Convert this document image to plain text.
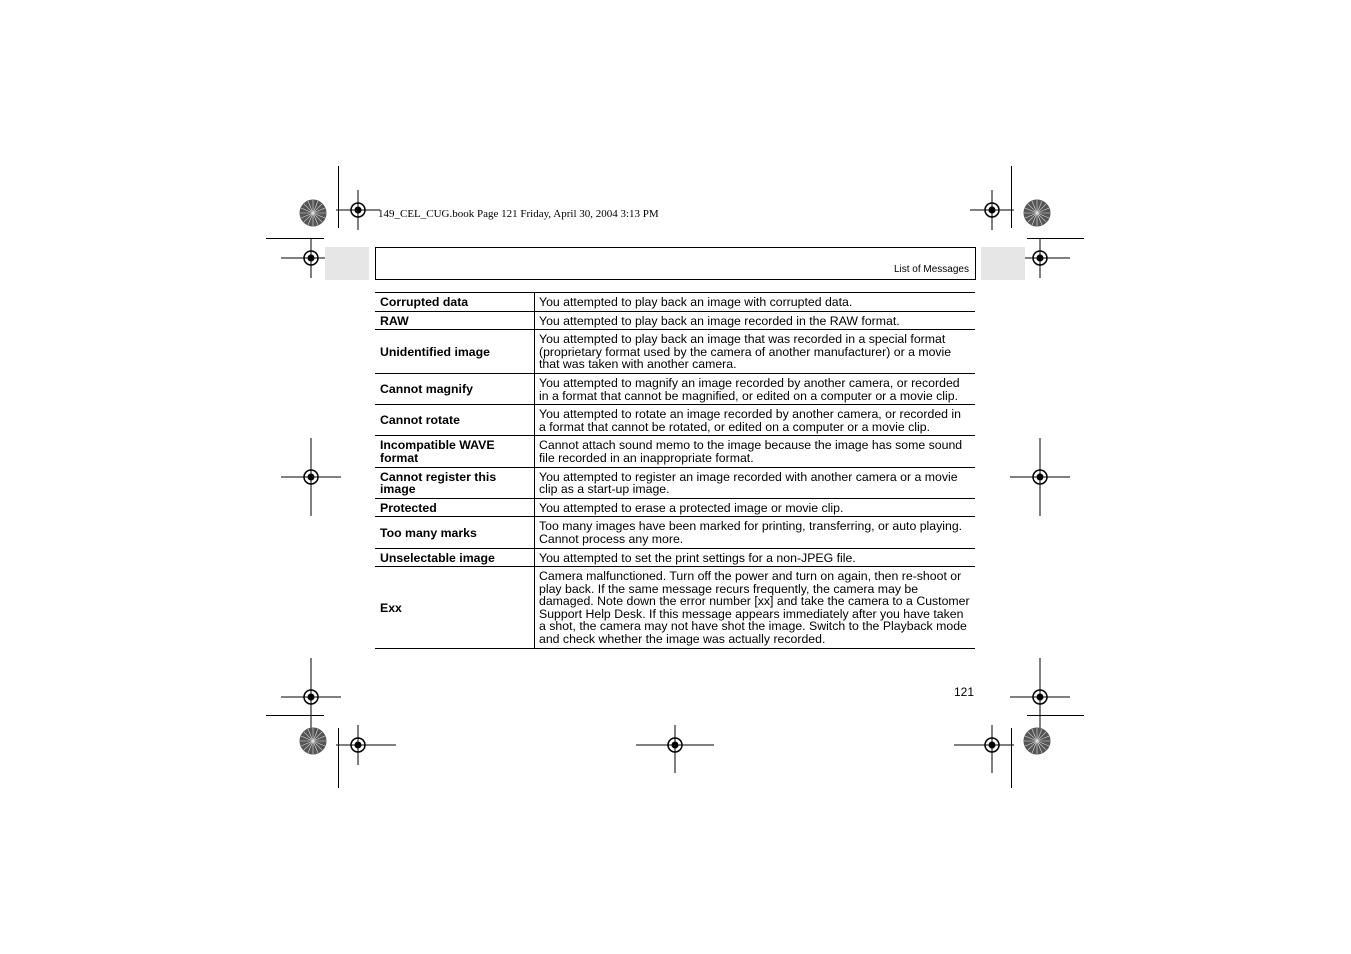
149_CEL_CUG.book Page 121 Friday, April 30, 2004 3:13 PM
List of Messages
Corrupted data	You attempted to play back an image with corrupted data.
RAW	You attempted to play back an image recorded in the RAW format.
Unidentified image	You attempted to play back an image that was recorded in a special format (proprietary format used by the camera of another manufacturer) or a movie that was taken with another camera.
Cannot magnify	You attempted to magnify an image recorded by another camera, or recorded in a format that cannot be magnified, or edited on a computer or a movie clip.
Cannot rotate	You attempted to rotate an image recorded by another camera, or recorded in a format that cannot be rotated, or edited on a computer or a movie clip.
Incompatible WAVE format	Cannot attach sound memo to the image because the image has some sound file recorded in an inappropriate format.
Cannot register this image	You attempted to register an image recorded with another camera or a movie clip as a start-up image.
Protected	You attempted to erase a protected image or movie clip.
Too many marks	Too many images have been marked for printing, transferring, or auto playing. Cannot process any more.
Unselectable image	You attempted to set the print settings for a non-JPEG file.
Exx	Camera malfunctioned. Turn off the power and turn on again, then re-shoot or play back. If the same message recurs frequently, the camera may be damaged. Note down the error number [xx] and take the camera to a Customer Support Help Desk. If this message appears immediately after you have taken a shot, the camera may not have shot the image. Switch to the Playback mode and check whether the image was actually recorded.
121
